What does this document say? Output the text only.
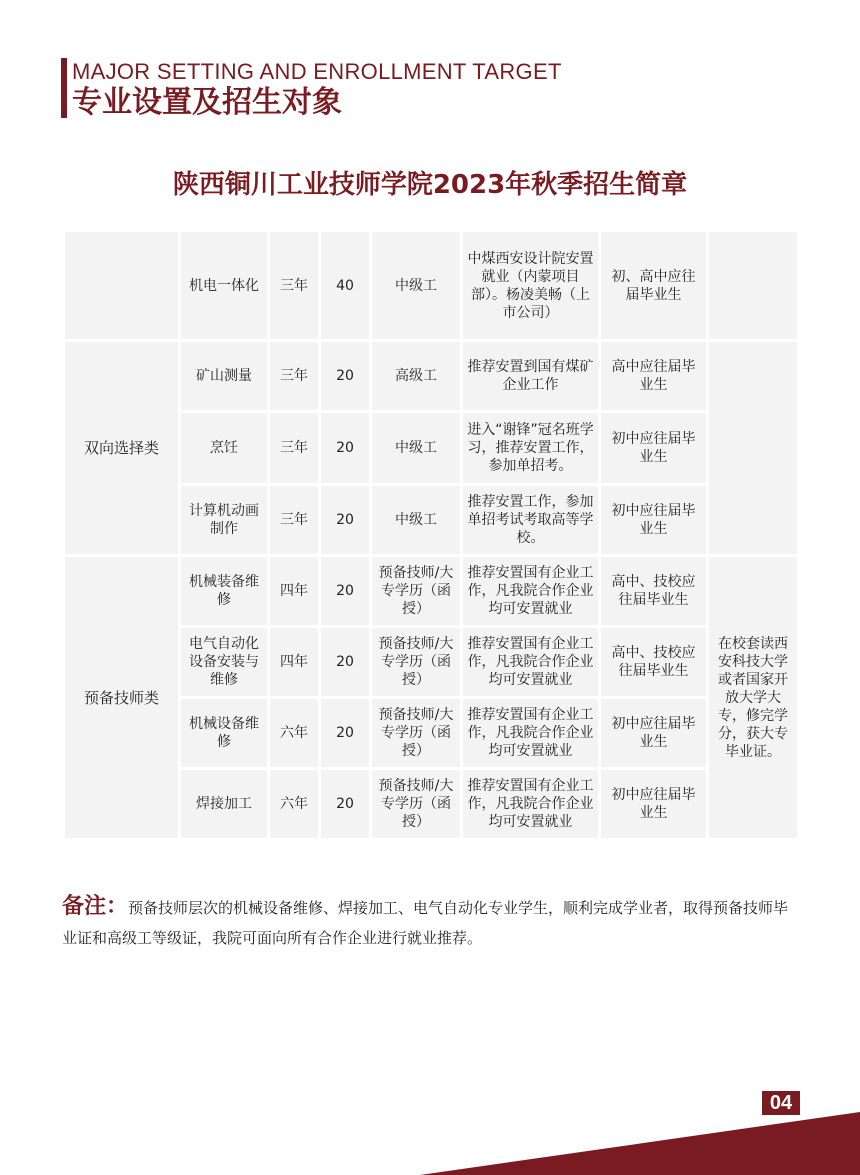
MAJOR SETTING AND ENROLLMENT TARGET
专业设置及招生对象
陕西铜川工业技师学院2023年秋季招生简章
	机电一体化	三年	40	中级工	中煤西安设计院安置就业（内蒙项目部）。杨凌美畅（上市公司）	初、高中应往届毕业生	
双向选择类	矿山测量	三年	20	高级工	推荐安置到国有煤矿企业工作	高中应往届毕业生	
	烹饪	三年	20	中级工	进入“谢锋”冠名班学习，推荐安置工作，参加单招考。	初中应往届毕业生	
	计算机动画制作	三年	20	中级工	推荐安置工作，参加单招考试考取高等学校。	初中应往届毕业生	
预备技师类	机械装备维修	四年	20	预备技师/大专学历（函授）	推荐安置国有企业工作，凡我院合作企业均可安置就业	高中、技校应往届毕业生	在校套读西安科技大学或者国家开放大学大专，修完学分，获大专毕业证。
	电气自动化设备安装与维修	四年	20	预备技师/大专学历（函授）	推荐安置国有企业工作，凡我院合作企业均可安置就业	高中、技校应往届毕业生	
	机械设备维修	六年	20	预备技师/大专学历（函授）	推荐安置国有企业工作，凡我院合作企业均可安置就业	初中应往届毕业生	
	焊接加工	六年	20	预备技师/大专学历（函授）	推荐安置国有企业工作，凡我院合作企业均可安置就业	初中应往届毕业生	
备注：预备技师层次的机械设备维修、焊接加工、电气自动化专业学生，顺利完成学业者，取得预备技师毕业证和高级工等级证，我院可面向所有合作企业进行就业推荐。
04
